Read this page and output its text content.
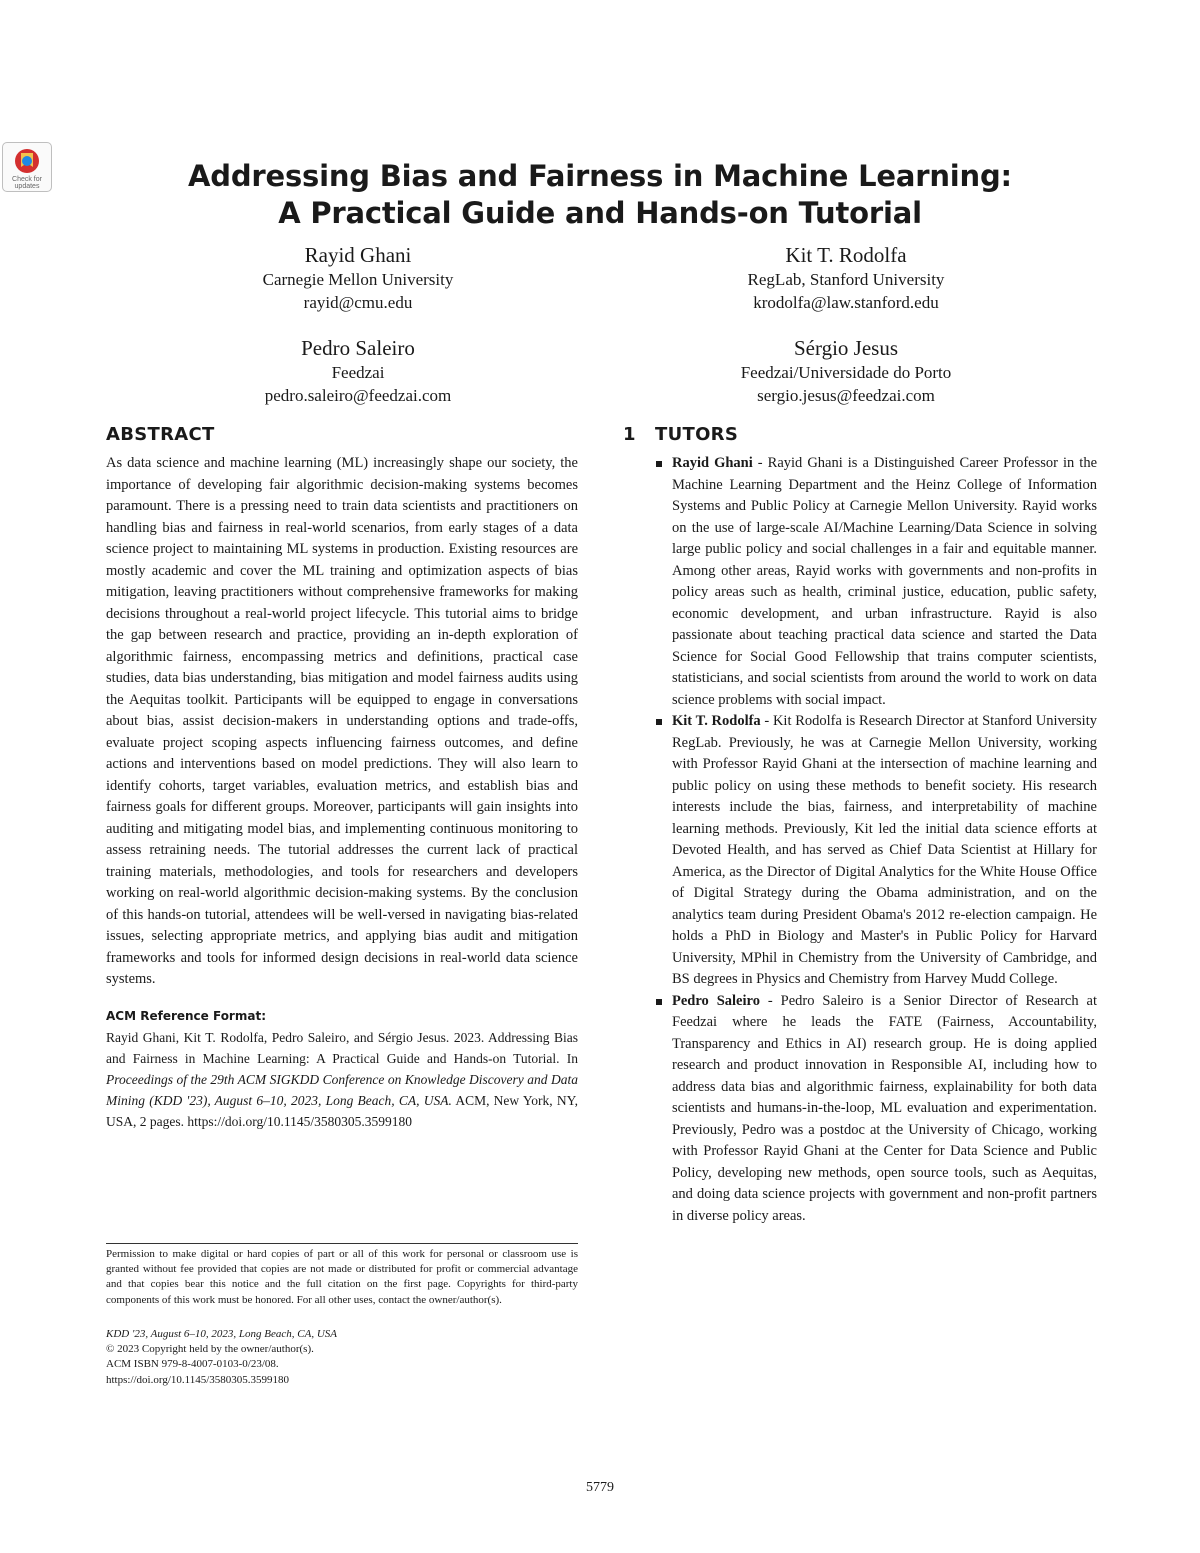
Check for updates	Addressing Bias and Fairness in Machine Learning:
A Practical Guide and Hands-on Tutorial
Rayid Ghani
Carnegie Mellon University
rayid@cmu.edu
Kit T. Rodolfa
RegLab, Stanford University
krodolfa@law.stanford.edu
Pedro Saleiro
Feedzai
pedro.saleiro@feedzai.com
Sérgio Jesus
Feedzai/Universidade do Porto
sergio.jesus@feedzai.com
ABSTRACT

As data science and machine learning (ML) increasingly shape our society, the importance of developing fair algorithmic decision-making systems becomes paramount. There is a pressing need to train data scientists and practitioners on handling bias and fairness in real-world scenarios, from early stages of a data science project to maintaining ML systems in production. Existing resources are mostly academic and cover the ML training and optimization aspects of bias mitigation, leaving practitioners without comprehensive frameworks for making decisions throughout a real-world project lifecycle. This tutorial aims to bridge the gap between research and practice, providing an in-depth exploration of algorithmic fairness, encompassing metrics and definitions, practical case studies, data bias understanding, bias mitigation and model fairness audits using the Aequitas toolkit. Participants will be equipped to engage in conversations about bias, assist decision-makers in understanding options and trade-offs, evaluate project scoping aspects influencing fairness outcomes, and define actions and interventions based on model predictions. They will also learn to identify cohorts, target variables, evaluation metrics, and establish bias and fairness goals for different groups. Moreover, participants will gain insights into auditing and mitigating model bias, and implementing continuous monitoring to assess retraining needs. The tutorial addresses the current lack of practical training materials, methodologies, and tools for researchers and developers working on real-world algorithmic decision-making systems. By the conclusion of this hands-on tutorial, attendees will be well-versed in navigating bias-related issues, selecting appropriate metrics, and applying bias audit and mitigation frameworks and tools for informed design decisions in real-world data science systems.

ACM Reference Format:

Rayid Ghani, Kit T. Rodolfa, Pedro Saleiro, and Sérgio Jesus. 2023. Addressing Bias and Fairness in Machine Learning: A Practical Guide and Hands-on Tutorial. In Proceedings of the 29th ACM SIGKDD Conference on Knowledge Discovery and Data Mining (KDD '23), August 6–10, 2023, Long Beach, CA, USA. ACM, New York, NY, USA, 2 pages. https://doi.org/10.1145/3580305.3599180

Permission to make digital or hard copies of part or all of this work for personal or classroom use is granted without fee provided that copies are not made or distributed for profit or commercial advantage and that copies bear this notice and the full citation on the first page. Copyrights for third-party components of this work must be honored. For all other uses, contact the owner/author(s).

KDD '23, August 6–10, 2023, Long Beach, CA, USA
© 2023 Copyright held by the owner/author(s).
ACM ISBN 979-8-4007-0103-0/23/08.
https://doi.org/10.1145/3580305.3599180
1 TUTORS
Rayid Ghani - Rayid Ghani is a Distinguished Career Professor in the Machine Learning Department and the Heinz College of Information Systems and Public Policy at Carnegie Mellon University. Rayid works on the use of large-scale AI/Machine Learning/Data Science in solving large public policy and social challenges in a fair and equitable manner. Among other areas, Rayid works with governments and non-profits in policy areas such as health, criminal justice, education, public safety, economic development, and urban infrastructure. Rayid is also passionate about teaching practical data science and started the Data Science for Social Good Fellowship that trains computer scientists, statisticians, and social scientists from around the world to work on data science problems with social impact.
Kit T. Rodolfa - Kit Rodolfa is Research Director at Stanford University RegLab. Previously, he was at Carnegie Mellon University, working with Professor Rayid Ghani at the intersection of machine learning and public policy on using these methods to benefit society. His research interests include the bias, fairness, and interpretability of machine learning methods. Previously, Kit led the initial data science efforts at Devoted Health, and has served as Chief Data Scientist at Hillary for America, as the Director of Digital Analytics for the White House Office of Digital Strategy during the Obama administration, and on the analytics team during President Obama's 2012 re-election campaign. He holds a PhD in Biology and Master's in Public Policy for Harvard University, MPhil in Chemistry from the University of Cambridge, and BS degrees in Physics and Chemistry from Harvey Mudd College.
Pedro Saleiro - Pedro Saleiro is a Senior Director of Research at Feedzai where he leads the FATE (Fairness, Accountability, Transparency and Ethics in AI) research group. He is doing applied research and product innovation in Responsible AI, including how to address data bias and algorithmic fairness, explainability for both data scientists and humans-in-the-loop, ML evaluation and experimentation. Previously, Pedro was a postdoc at the University of Chicago, working with Professor Rayid Ghani at the Center for Data Science and Public Policy, developing new methods, open source tools, such as Aequitas, and doing data science projects with government and non-profit partners in diverse policy areas.
5779
